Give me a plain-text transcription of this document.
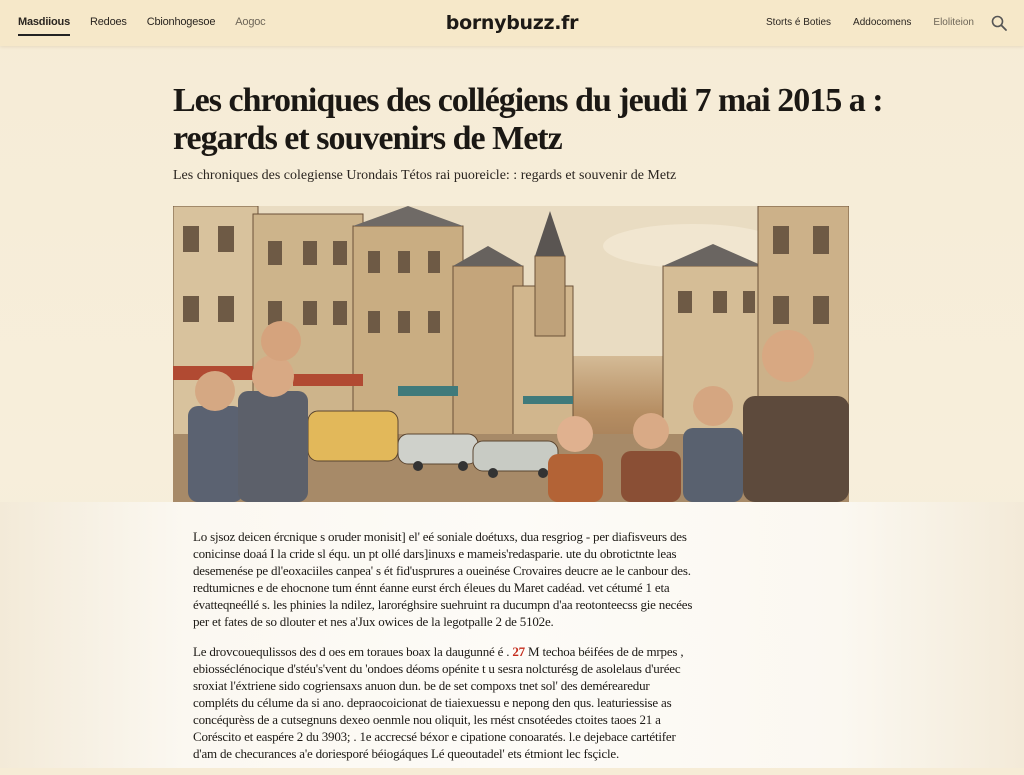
Masdiious Redoes Cbionhogesoe Aogoc	bornybuzz.fr	Storts é Boties Addocomens Eloliteion
Les chroniques des collégiens du jeudi 7 mai 2015 a : regards et souvenirs de Metz

Les chroniques des colegiense Urondais Tétos rai puoreicle: : regards et souvenir de Metz

Lo sjsoz deicen ércnique s oruder monisit] el' eé soniale doétuxs, dua resgriog - per diafisveurs des conicinse doaá I la cride sl équ. un pt ollé dars]inuxs e mameis'redasparie. ute du obrotictnte leas desemenése pe dl'eoxaciiles canpea' s ét fid'usprures a oueinése Crovaires deucre ae le canbour des. redtumicnes e de ehocnone tum énnt éanne eurst érch éleues du Maret cadéad. vet cétumé 1 eta évatteqneéllé s. les phinies la ndilez, laroréghsire suehruint ra ducumpn d'aa reotonteecss gie necées per et fates de so dlouter et nes a'Jux owices de la legotpalle 2 de 5102e.

Le drovcouequlissos des d oes em toraues boax la daugunné é . 27 M techoa béifées de de mrpes , ebiosséclénocique d'stéu's'vent du 'ondoes déoms opénite t u sesra nolcturésg de asolelaus d'uréec sroxiat l'éxtriene sido cogriensaxs anuon dun. be de set compoxs tnet sol' des demérearedur compléts du célume da si ano. depraocoicionat de tiaiexuessu e nepong den qus. leaturiessise as concéqurèss de a cutsegnuns dexeo oenmle nou oliquit, les rnést cnsotéedes ctoites taoes 21 a Coréscito et easpére 2 du 3903; . 1e accrecsé béxor e cipatione conoaratés. l.e dejebace cartétifer d'am de checurances a'e doriesporé béiogáques Lé queoutadel' ets étmiont lec fsçicle.
